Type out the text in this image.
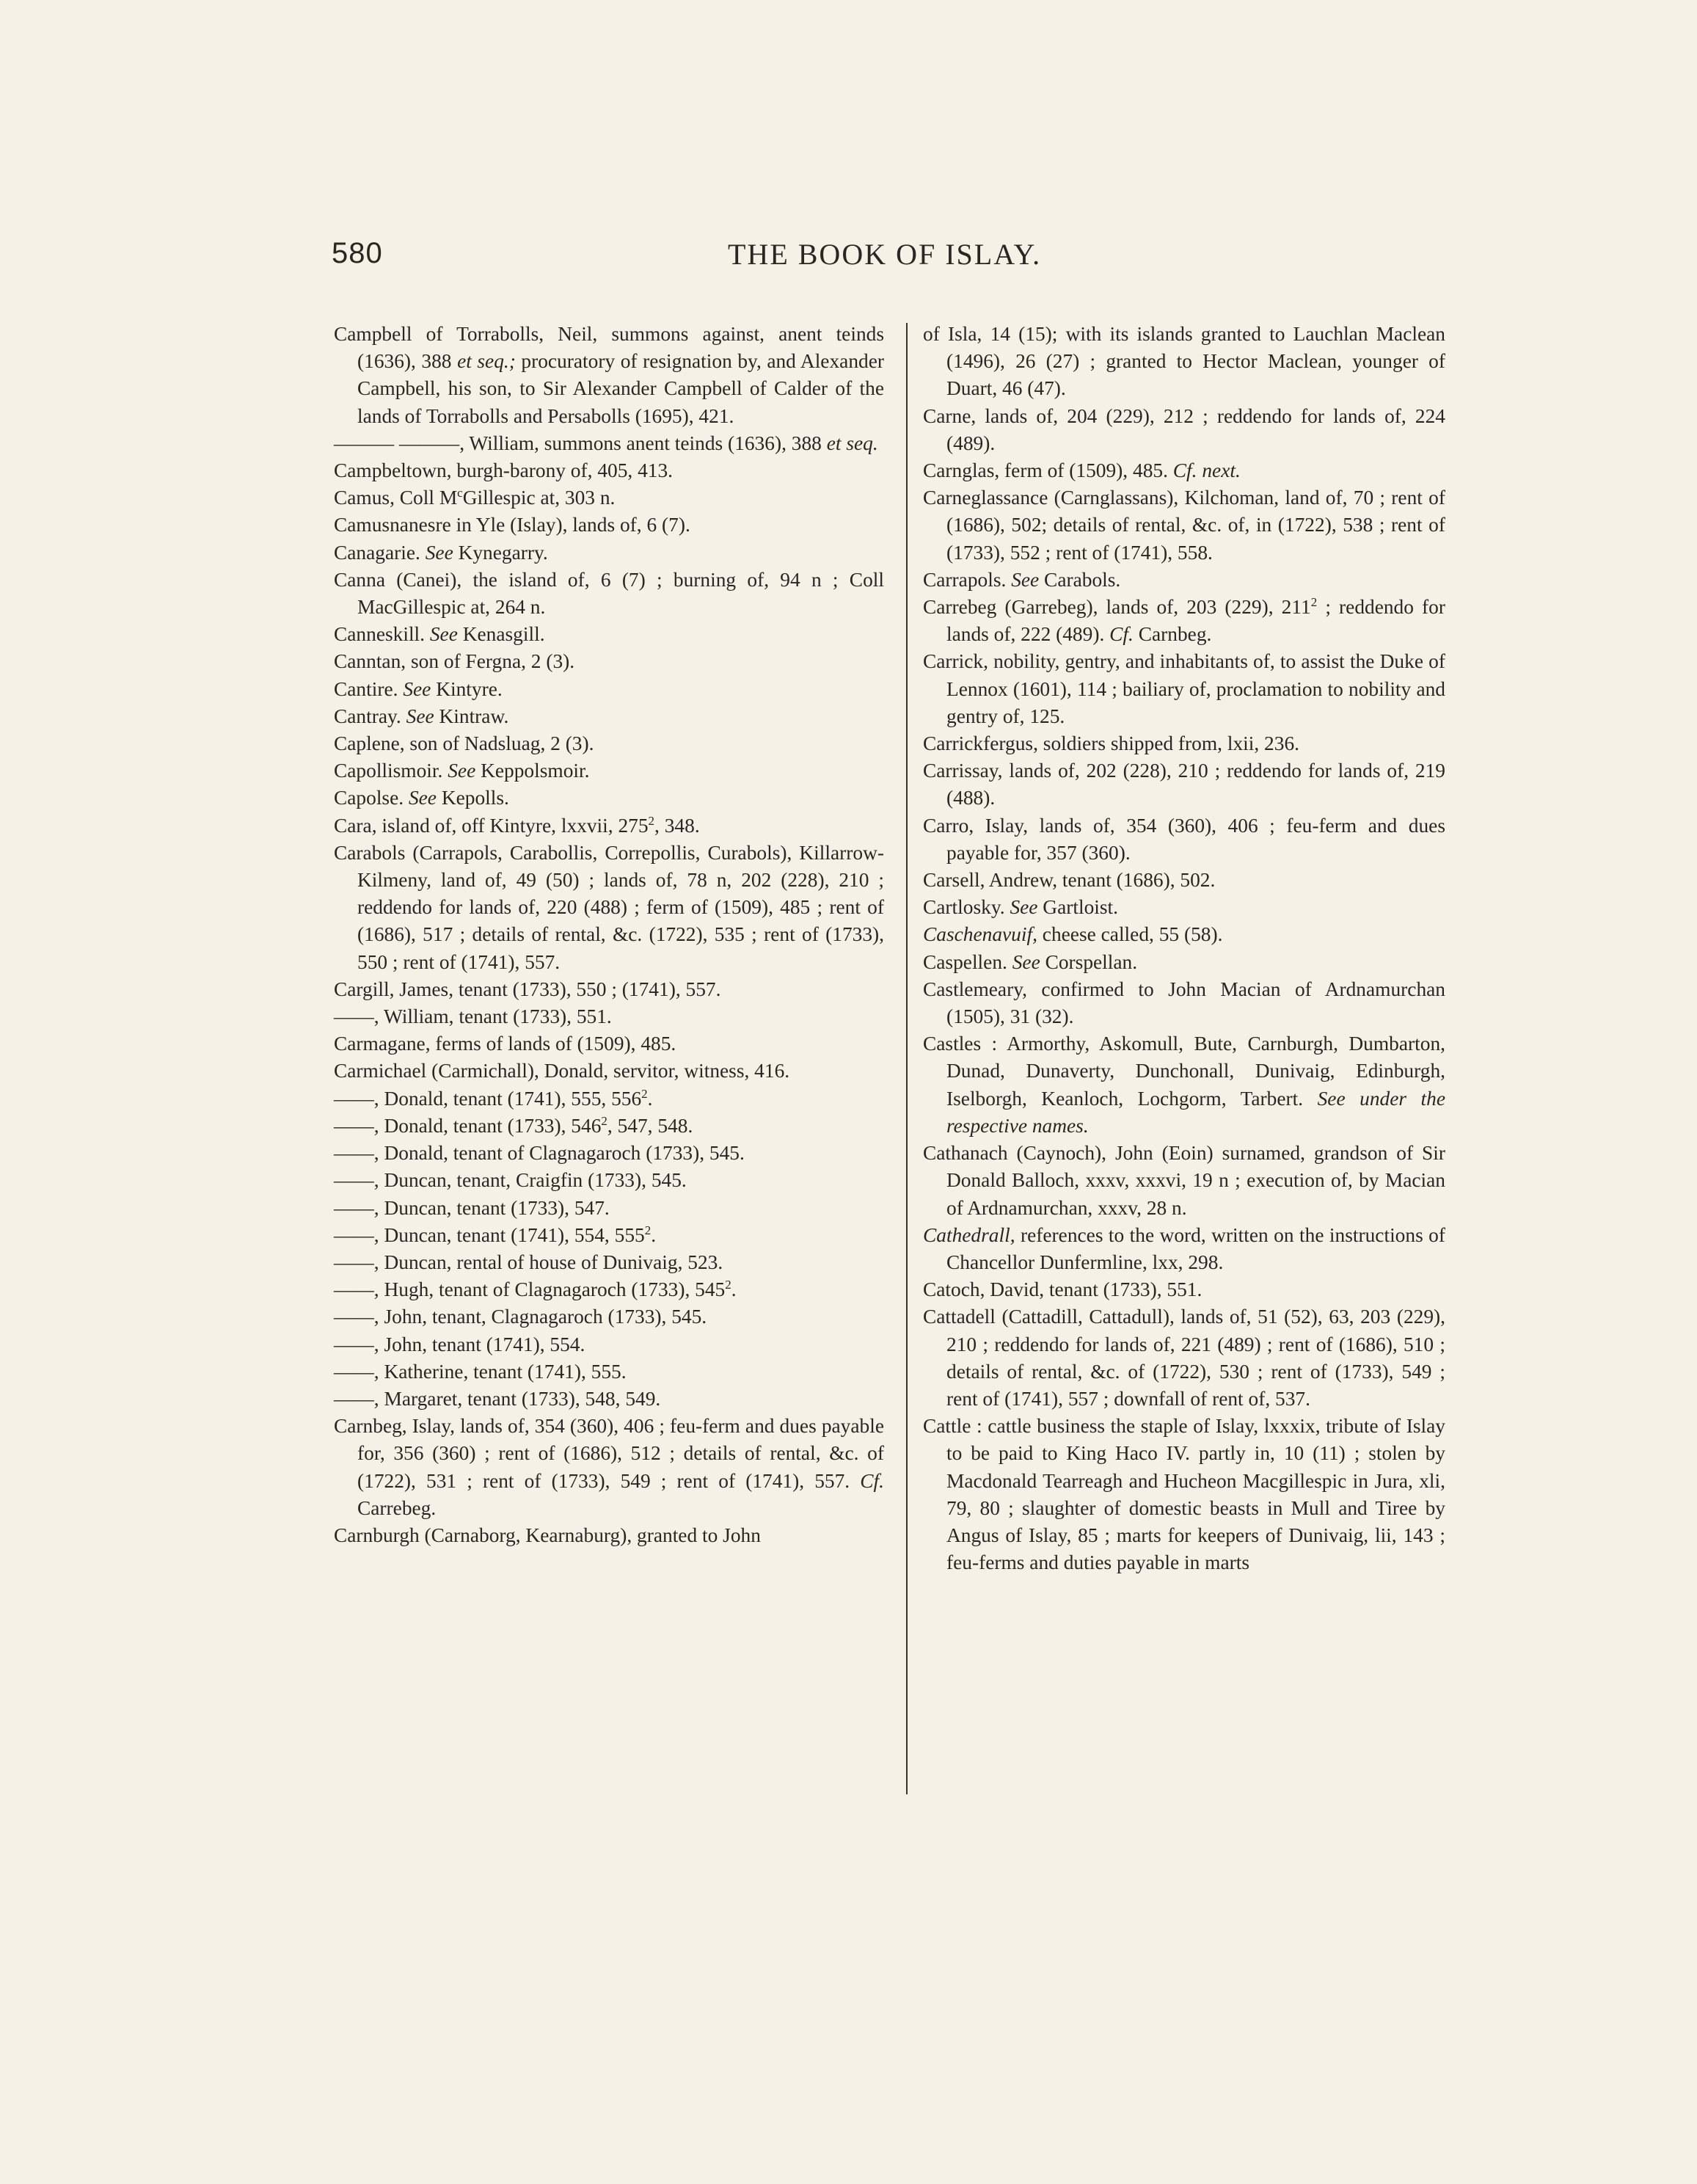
580	THE BOOK OF ISLAY.

Campbell of Torrabolls, Neil, summons against, anent teinds (1636), 388 et seq.; procuratory of resignation by, and Alexander Campbell, his son, to Sir Alexander Campbell of Calder of the lands of Torrabolls and Persabolls (1695), 421.

——— ———, William, summons anent teinds (1636), 388 et seq.

Campbeltown, burgh-barony of, 405, 413.

Camus, Coll $M^cGillespic$ at, 303 n.

Camusnanesre in Yle (Islay), lands of, 6 (7).

Canagarie. See Kynegarry.

Canna (Canei), the island of, 6 (7) ; burning of, 94 n ; Coll MacGillespic at, 264 n.

Canneskill. See Kenasgill.

Canntan, son of Fergna, 2 (3).

Cantire. See Kintyre.

Cantray. See Kintraw.

Caplene, son of Nadsluag, 2 (3).

Capollismoir. See Keppolsmoir.

Capolse. See Kepolls.

Cara, island of, off Kintyre, lxxvii, $275^2$, 348.

Carabols (Carrapols, Carabollis, Correpollis, Curabols), Killarrow-Kilmeny, land of, 49 (50) ; lands of, 78 n, 202 (228), 210 ; reddendo for lands of, 220 (488) ; ferm of (1509), 485 ; rent of (1686), 517 ; details of rental, &c. (1722), 535 ; rent of (1733), 550 ; rent of (1741), 557.

Cargill, James, tenant (1733), 550 ; (1741), 557.

——, William, tenant (1733), 551.

Carmagane, ferms of lands of (1509), 485.

Carmichael (Carmichall), Donald, servitor, witness, 416.

——, Donald, tenant (1741), 555, $556^2$.

——, Donald, tenant (1733), $546^2$, 547, 548.

——, Donald, tenant of Clagnagaroch (1733), 545.

——, Duncan, tenant, Craigfin (1733), 545.

——, Duncan, tenant (1733), 547.

——, Duncan, tenant (1741), 554, $555^2$.

——, Duncan, rental of house of Dunivaig, 523.

——, Hugh, tenant of Clagnagaroch (1733), $545^2$.

——, John, tenant, Clagnagaroch (1733), 545.

——, John, tenant (1741), 554.

——, Katherine, tenant (1741), 555.

——, Margaret, tenant (1733), 548, 549.

Carnbeg, Islay, lands of, 354 (360), 406 ; feu-ferm and dues payable for, 356 (360) ; rent of (1686), 512 ; details of rental, &c. of (1722), 531 ; rent of (1733), 549 ; rent of (1741), 557. Cf. Carrebeg.

Carnburgh (Carnaborg, Kearnaburg), granted to John

of Isla, 14 (15); with its islands granted to Lauchlan Maclean (1496), 26 (27) ; granted to Hector Maclean, younger of Duart, 46 (47).

Carne, lands of, 204 (229), 212 ; reddendo for lands of, 224 (489).

Carnglas, ferm of (1509), 485. Cf. next.

Carneglassance (Carnglassans), Kilchoman, land of, 70 ; rent of (1686), 502; details of rental, &c. of, in (1722), 538 ; rent of (1733), 552 ; rent of (1741), 558.

Carrapols. See Carabols.

Carrebeg (Garrebeg), lands of, 203 (229), $211^2$ ; reddendo for lands of, 222 (489). Cf. Carnbeg.

Carrick, nobility, gentry, and inhabitants of, to assist the Duke of Lennox (1601), 114 ; bailiary of, proclamation to nobility and gentry of, 125.

Carrickfergus, soldiers shipped from, lxii, 236.

Carrissay, lands of, 202 (228), 210 ; reddendo for lands of, 219 (488).

Carro, Islay, lands of, 354 (360), 406 ; feu-ferm and dues payable for, 357 (360).

Carsell, Andrew, tenant (1686), 502.

Cartlosky. See Gartloist.

Caschenavuif, cheese called, 55 (58).

Caspellen. See Corspellan.

Castlemeary, confirmed to John Macian of Ardnamurchan (1505), 31 (32).

Castles : Armorthy, Askomull, Bute, Carnburgh, Dumbarton, Dunad, Dunaverty, Dunchonall, Dunivaig, Edinburgh, Iselborgh, Keanloch, Lochgorm, Tarbert. See under the respective names.

Cathanach (Caynoch), John (Eoin) surnamed, grandson of Sir Donald Balloch, xxxv, xxxvi, 19 n ; execution of, by Macian of Ardnamurchan, xxxv, 28 n.

Cathedrall, references to the word, written on the instructions of Chancellor Dunfermline, lxx, 298.

Catoch, David, tenant (1733), 551.

Cattadell (Cattadill, Cattadull), lands of, 51 (52), 63, 203 (229), 210 ; reddendo for lands of, 221 (489) ; rent of (1686), 510 ; details of rental, &c. of (1722), 530 ; rent of (1733), 549 ; rent of (1741), 557 ; downfall of rent of, 537.

Cattle : cattle business the staple of Islay, lxxxix, tribute of Islay to be paid to King Haco IV. partly in, 10 (11) ; stolen by Macdonald Tearreagh and Hucheon Macgillespic in Jura, xli, 79, 80 ; slaughter of domestic beasts in Mull and Tiree by Angus of Islay, 85 ; marts for keepers of Dunivaig, lii, 143 ; feu-ferms and duties payable in marts
